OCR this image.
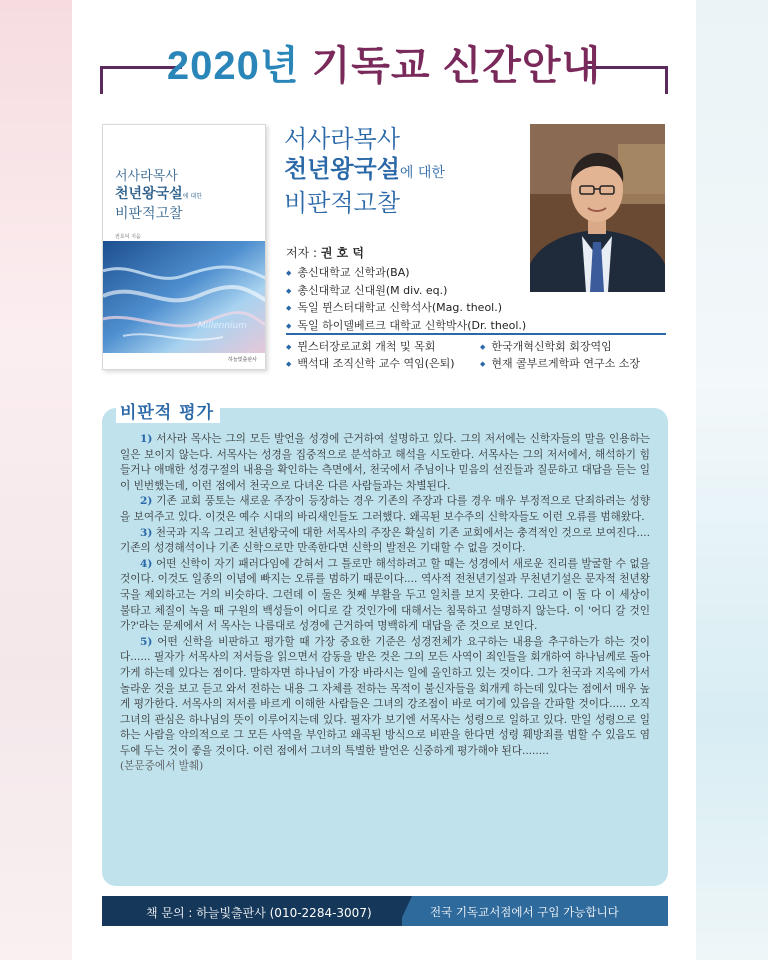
2020년 기독교 신간안내
서사라목사
천년왕국설에 대한
비판적고찰
권호덕 지음
Millennium
하늘빛출판사
서사라목사
천년왕국설에 대한
비판적고찰
저자 : 권 호 덕
◆ 총신대학교 신학과(BA)
◆ 총신대학교 신대원(M div. eq.)
◆ 독일 뮌스터대학교 신학석사(Mag. theol.)
◆ 독일 하이델베르크 대학교 신학박사(Dr. theol.)
◆ 뮌스터장로교회 개척 및 목회
◆ 백석대 조직신학 교수 역임(은퇴)
◆ 한국개혁신학회 회장역임
◆ 현재 콜부르게학파 연구소 소장
비판적 평가

1) 서사라 목사는 그의 모든 발언을 성경에 근거하여 설명하고 있다. 그의 저서에는 신학자들의 말을 인용하는 일은 보이지 않는다. 서목사는 성경을 집중적으로 분석하고 해석을 시도한다. 서목사는 그의 저서에서, 해석하기 힘들거나 애매한 성경구절의 내용을 확인하는 측면에서, 천국에서 주님이나 믿음의 선진들과 질문하고 대답을 듣는 일이 빈번했는데, 이런 점에서 천국으로 다녀온 다른 사람들과는 차별된다.

2) 기존 교회 풍토는 새로운 주장이 등장하는 경우 기존의 주장과 다를 경우 매우 부정적으로 단죄하려는 성향을 보여주고 있다. 이것은 예수 시대의 바리새인들도 그러했다. 왜곡된 보수주의 신학자들도 이런 오류를 범해왔다.

3) 천국과 지옥 그리고 천년왕국에 대한 서목사의 주장은 확실히 기존 교회에서는 충격적인 것으로 보여진다.... 기존의 성경해석이나 기존 신학으로만 만족한다면 신학의 발전은 기대할 수 없을 것이다.

4) 어떤 신학이 자기 패러다임에 갇혀서 그 틀로만 해석하려고 할 때는 성경에서 새로운 진리를 발굴할 수 없을 것이다. 이것도 일종의 이념에 빠지는 오류를 범하기 때문이다.... 역사적 전천년기설과 무천년기설은 문자적 천년왕국을 제외하고는 거의 비슷하다. 그런데 이 둘은 첫째 부활을 두고 일치를 보지 못한다. 그리고 이 둘 다 이 세상이 불타고 체질이 녹을 때 구원의 백성들이 어디로 갈 것인가에 대해서는 침묵하고 설명하지 않는다. 이 '어디 갈 것인가?'라는 문제에서 서 목사는 나름대로 성경에 근거하여 명백하게 대답을 준 것으로 보인다.

5) 어떤 신학을 비판하고 평가할 때 가장 중요한 기준은 성경전체가 요구하는 내용을 추구하는가 하는 것이다...... 필자가 서목사의 저서들을 읽으면서 감동을 받은 것은 그의 모든 사역이 죄인들을 회개하여 하나님께로 돌아가게 하는데 있다는 점이다. 말하자면 하나님이 가장 바라시는 일에 올인하고 있는 것이다. 그가 천국과 지옥에 가서 놀라운 것을 보고 듣고 와서 전하는 내용 그 자체를 전하는 목적이 불신자들을 회개케 하는데 있다는 점에서 매우 높게 평가한다. 서목사의 저서를 바르게 이해한 사람들은 그녀의 강조점이 바로 여기에 있음을 간파할 것이다..... 오직 그녀의 관심은 하나님의 뜻이 이루어지는데 있다. 필자가 보기엔 서목사는 성령으로 일하고 있다. 만일 성령으로 일하는 사람을 악의적으로 그 모든 사역을 부인하고 왜곡된 방식으로 비판을 한다면 성령 훼방죄를 범할 수 있음도 염두에 두는 것이 좋을 것이다. 이런 점에서 그녀의 특별한 발언은 신중하게 평가해야 된다........

(본문중에서 발췌)

책 문의 : 하늘빛출판사 (010-2284-3007)	전국 기독교서점에서 구입 가능합니다
